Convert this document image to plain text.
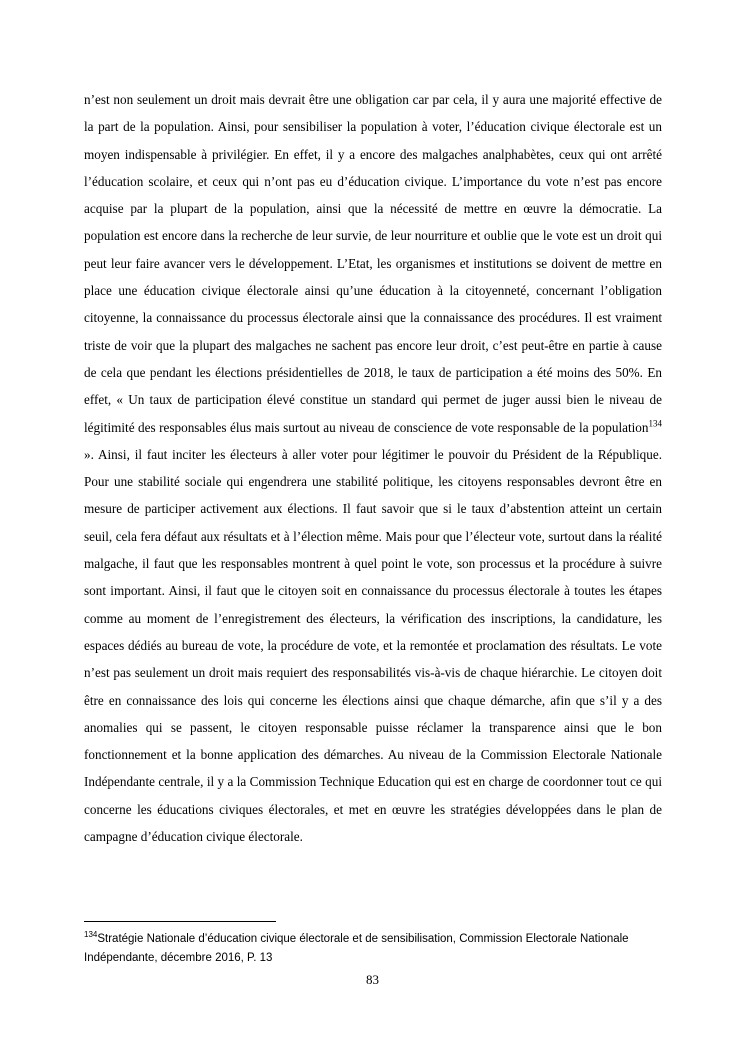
n’est non seulement un droit mais devrait être une obligation car par cela, il y aura une majorité effective de la part de la population. Ainsi, pour sensibiliser la population à voter, l’éducation civique électorale est un moyen indispensable à privilégier. En effet, il y a encore des malgaches analphabètes, ceux qui ont arrêté l’éducation scolaire, et ceux qui n’ont pas eu d’éducation civique. L’importance du vote n’est pas encore acquise par la plupart de la population, ainsi que la nécessité de mettre en œuvre la démocratie. La population est encore dans la recherche de leur survie, de leur nourriture et oublie que le vote est un droit qui peut leur faire avancer vers le développement. L’Etat, les organismes et institutions se doivent de mettre en place une éducation civique électorale ainsi qu’une éducation à la citoyenneté, concernant l’obligation citoyenne, la connaissance du processus électorale ainsi que la connaissance des procédures. Il est vraiment triste de voir que la plupart des malgaches ne sachent pas encore leur droit, c’est peut-être en partie à cause de cela que pendant les élections présidentielles de 2018, le taux de participation a été moins des 50%. En effet, « Un taux de participation élevé constitue un standard qui permet de juger aussi bien le niveau de légitimité des responsables élus mais surtout au niveau de conscience de vote responsable de la population$^{134}$ ». Ainsi, il faut inciter les électeurs à aller voter pour légitimer le pouvoir du Président de la République. Pour une stabilité sociale qui engendrera une stabilité politique, les citoyens responsables devront être en mesure de participer activement aux élections. Il faut savoir que si le taux d’abstention atteint un certain seuil, cela fera défaut aux résultats et à l’élection même. Mais pour que l’électeur vote, surtout dans la réalité malgache, il faut que les responsables montrent à quel point le vote, son processus et la procédure à suivre sont important. Ainsi, il faut que le citoyen soit en connaissance du processus électorale à toutes les étapes comme au moment de l’enregistrement des électeurs, la vérification des inscriptions, la candidature, les espaces dédiés au bureau de vote, la procédure de vote, et la remontée et proclamation des résultats. Le vote n’est pas seulement un droit mais requiert des responsabilités vis-à-vis de chaque hiérarchie. Le citoyen doit être en connaissance des lois qui concerne les élections ainsi que chaque démarche, afin que s’il y a des anomalies qui se passent, le citoyen responsable puisse réclamer la transparence ainsi que le bon fonctionnement et la bonne application des démarches. Au niveau de la Commission Electorale Nationale Indépendante centrale, il y a la Commission Technique Education qui est en charge de coordonner tout ce qui concerne les éducations civiques électorales, et met en œuvre les stratégies développées dans le plan de campagne d’éducation civique électorale.

$^{134}$Stratégie Nationale d’éducation civique électorale et de sensibilisation, Commission Electorale Nationale Indépendante, décembre 2016, P. 13
83
